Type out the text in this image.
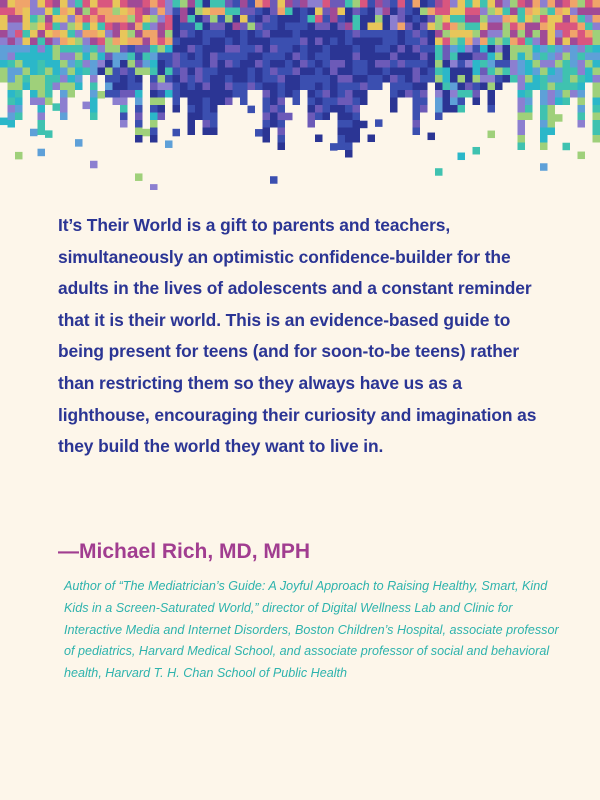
It’s Their World is a gift to parents and teachers, simultaneously an optimistic confidence-builder for the adults in the lives of adolescents and a constant reminder that it is their world. This is an evidence-based guide to being present for teens (and for soon-to-be teens) rather than restricting them so they always have us as a lighthouse, encouraging their curiosity and imagination as they build the world they want to live in.

—Michael Rich, MD, MPH

Author of “The Mediatrician’s Guide: A Joyful Approach to Raising Healthy, Smart, Kind Kids in a Screen-Saturated World,” director of Digital Wellness Lab and Clinic for Interactive Media and Internet Disorders, Boston Children’s Hospital, associate professor of pediatrics, Harvard Medical School, and associate professor of social and behavioral health, Harvard T. H. Chan School of Public Health
